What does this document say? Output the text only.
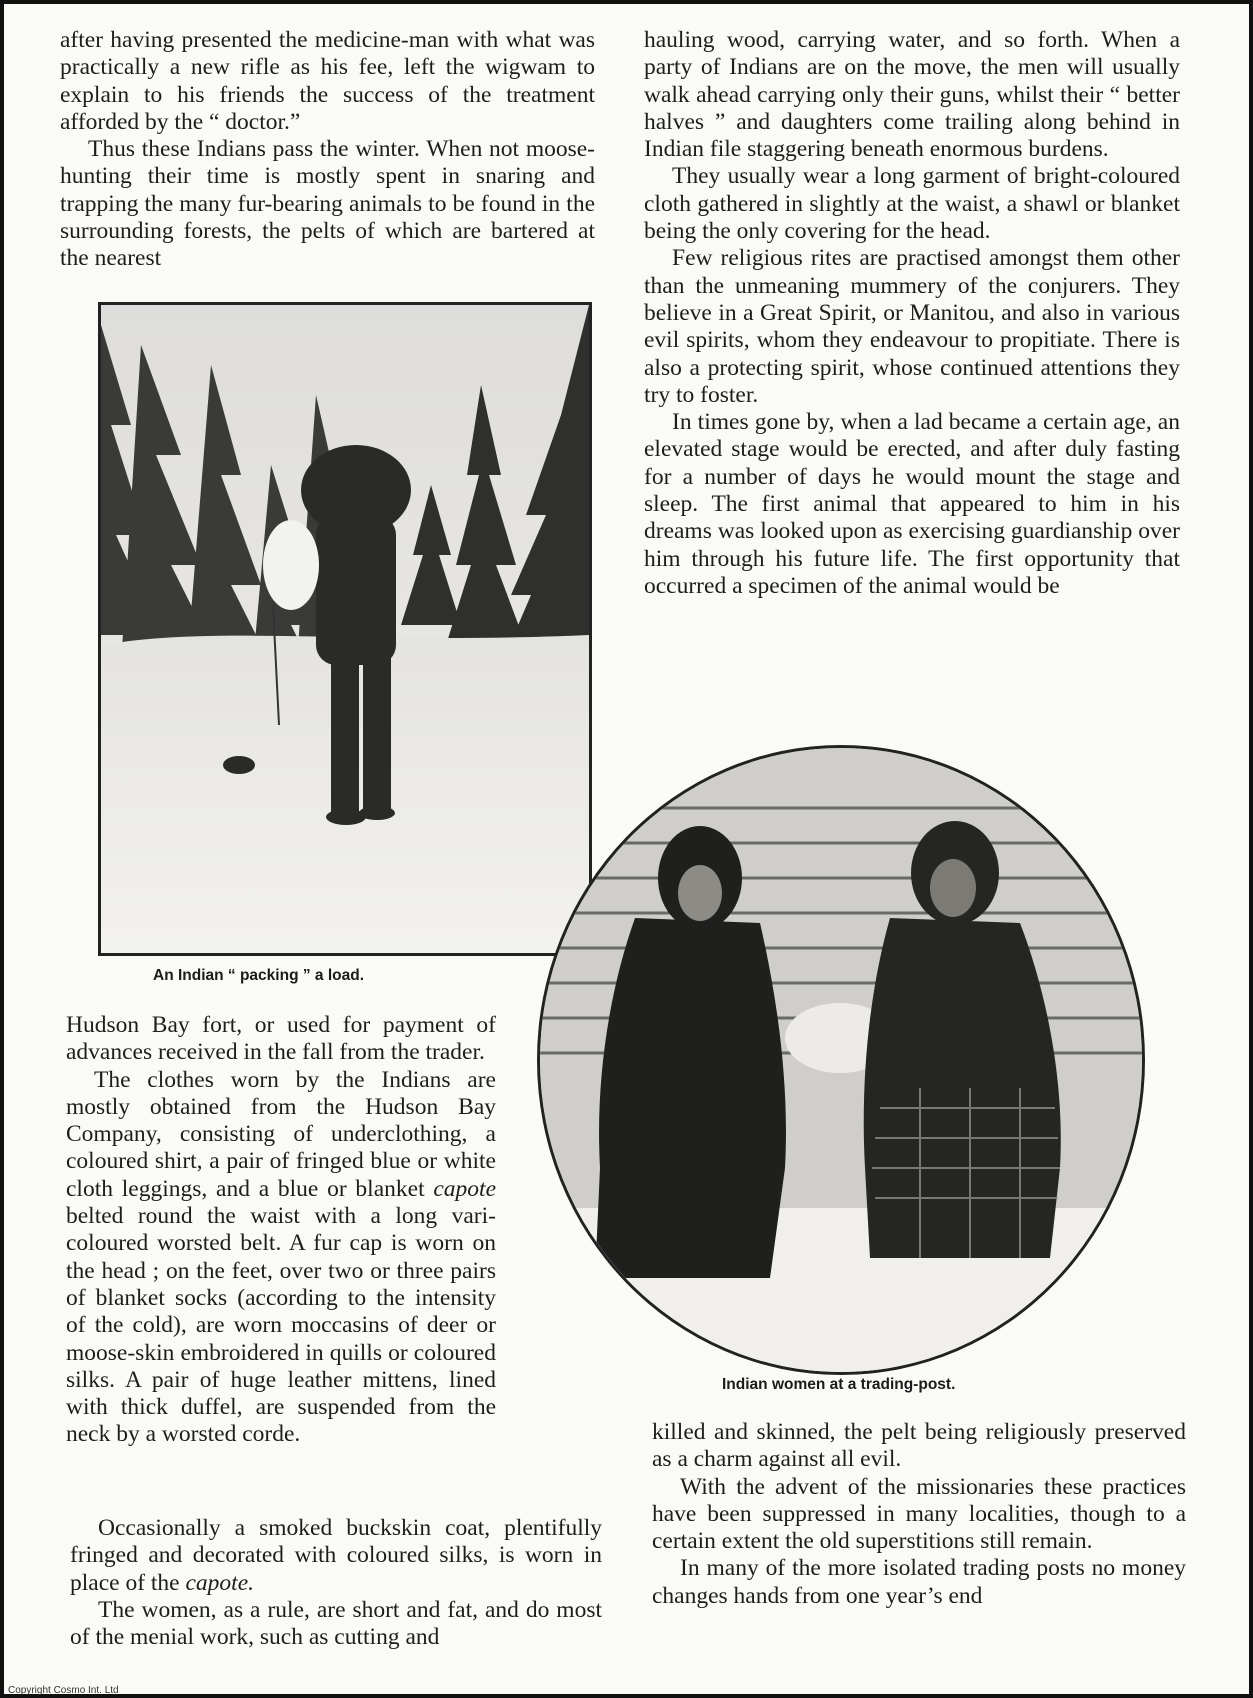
after having presented the medicine-man with what was practically a new rifle as his fee, left the wigwam to explain to his friends the success of the treatment afforded by the “ doctor.”

Thus these Indians pass the winter. When not moose-hunting their time is mostly spent in snaring and trapping the many fur-bearing animals to be found in the surrounding forests, the pelts of which are bartered at the nearest

hauling wood, carrying water, and so forth. When a party of Indians are on the move, the men will usually walk ahead carrying only their guns, whilst their “ better halves ” and daughters come trailing along behind in Indian file staggering beneath enormous burdens.

They usually wear a long garment of bright-coloured cloth gathered in slightly at the waist, a shawl or blanket being the only covering for the head.

Few religious rites are practised amongst them other than the unmeaning mummery of the conjurers. They believe in a Great Spirit, or Manitou, and also in various evil spirits, whom they endeavour to propitiate. There is also a protecting spirit, whose continued attentions they try to foster.

In times gone by, when a lad became a certain age, an elevated stage would be erected, and after duly fasting for a number of days he would mount the stage and sleep. The first animal that appeared to him in his dreams was looked upon as exercising guardianship over him through his future life. The first opportunity that occurred a specimen of the animal would be

An Indian “ packing ” a load.
Indian women at a trading-post.

Hudson Bay fort, or used for payment of advances received in the fall from the trader.

The clothes worn by the Indians are mostly obtained from the Hudson Bay Company, consisting of underclothing, a coloured shirt, a pair of fringed blue or white cloth leggings, and a blue or blanket capote belted round the waist with a long vari-coloured worsted belt. A fur cap is worn on the head ; on the feet, over two or three pairs of blanket socks (according to the intensity of the cold), are worn moccasins of deer or moose-skin embroidered in quills or coloured silks. A pair of huge leather mittens, lined with thick duffel, are suspended from the neck by a worsted corde.

Occasionally a smoked buckskin coat, plentifully fringed and decorated with coloured silks, is worn in place of the capote.

The women, as a rule, are short and fat, and do most of the menial work, such as cutting and

killed and skinned, the pelt being religiously preserved as a charm against all evil.

With the advent of the missionaries these practices have been suppressed in many localities, though to a certain extent the old superstitions still remain.

In many of the more isolated trading posts no money changes hands from one year’s end

Copyright Cosmo Int. Ltd
